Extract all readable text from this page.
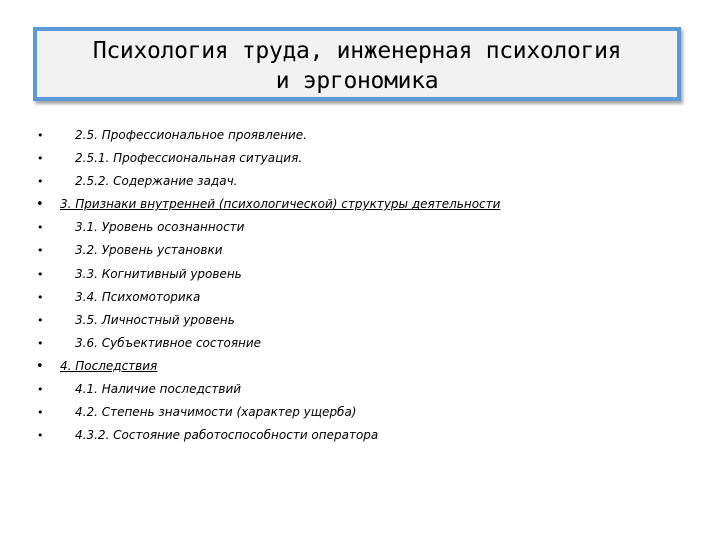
Психология труда, инженерная психология
и эргономика
•	2.5. Профессиональное проявление.
•	2.5.1. Профессиональная ситуация.
•	2.5.2. Содержание задач.
• 3. Признаки внутренней (психологической) структуры деятельности
•	3.1. Уровень осознанности
•	3.2. Уровень установки
•	3.3. Когнитивный уровень
•	3.4. Психомоторика
•	3.5. Личностный уровень
•	3.6. Субъективное состояние
• 4. Последствия
•	4.1. Наличие последствий
•	4.2. Степень значимости (характер ущерба)
•	4.3.2. Состояние работоспособности оператора
